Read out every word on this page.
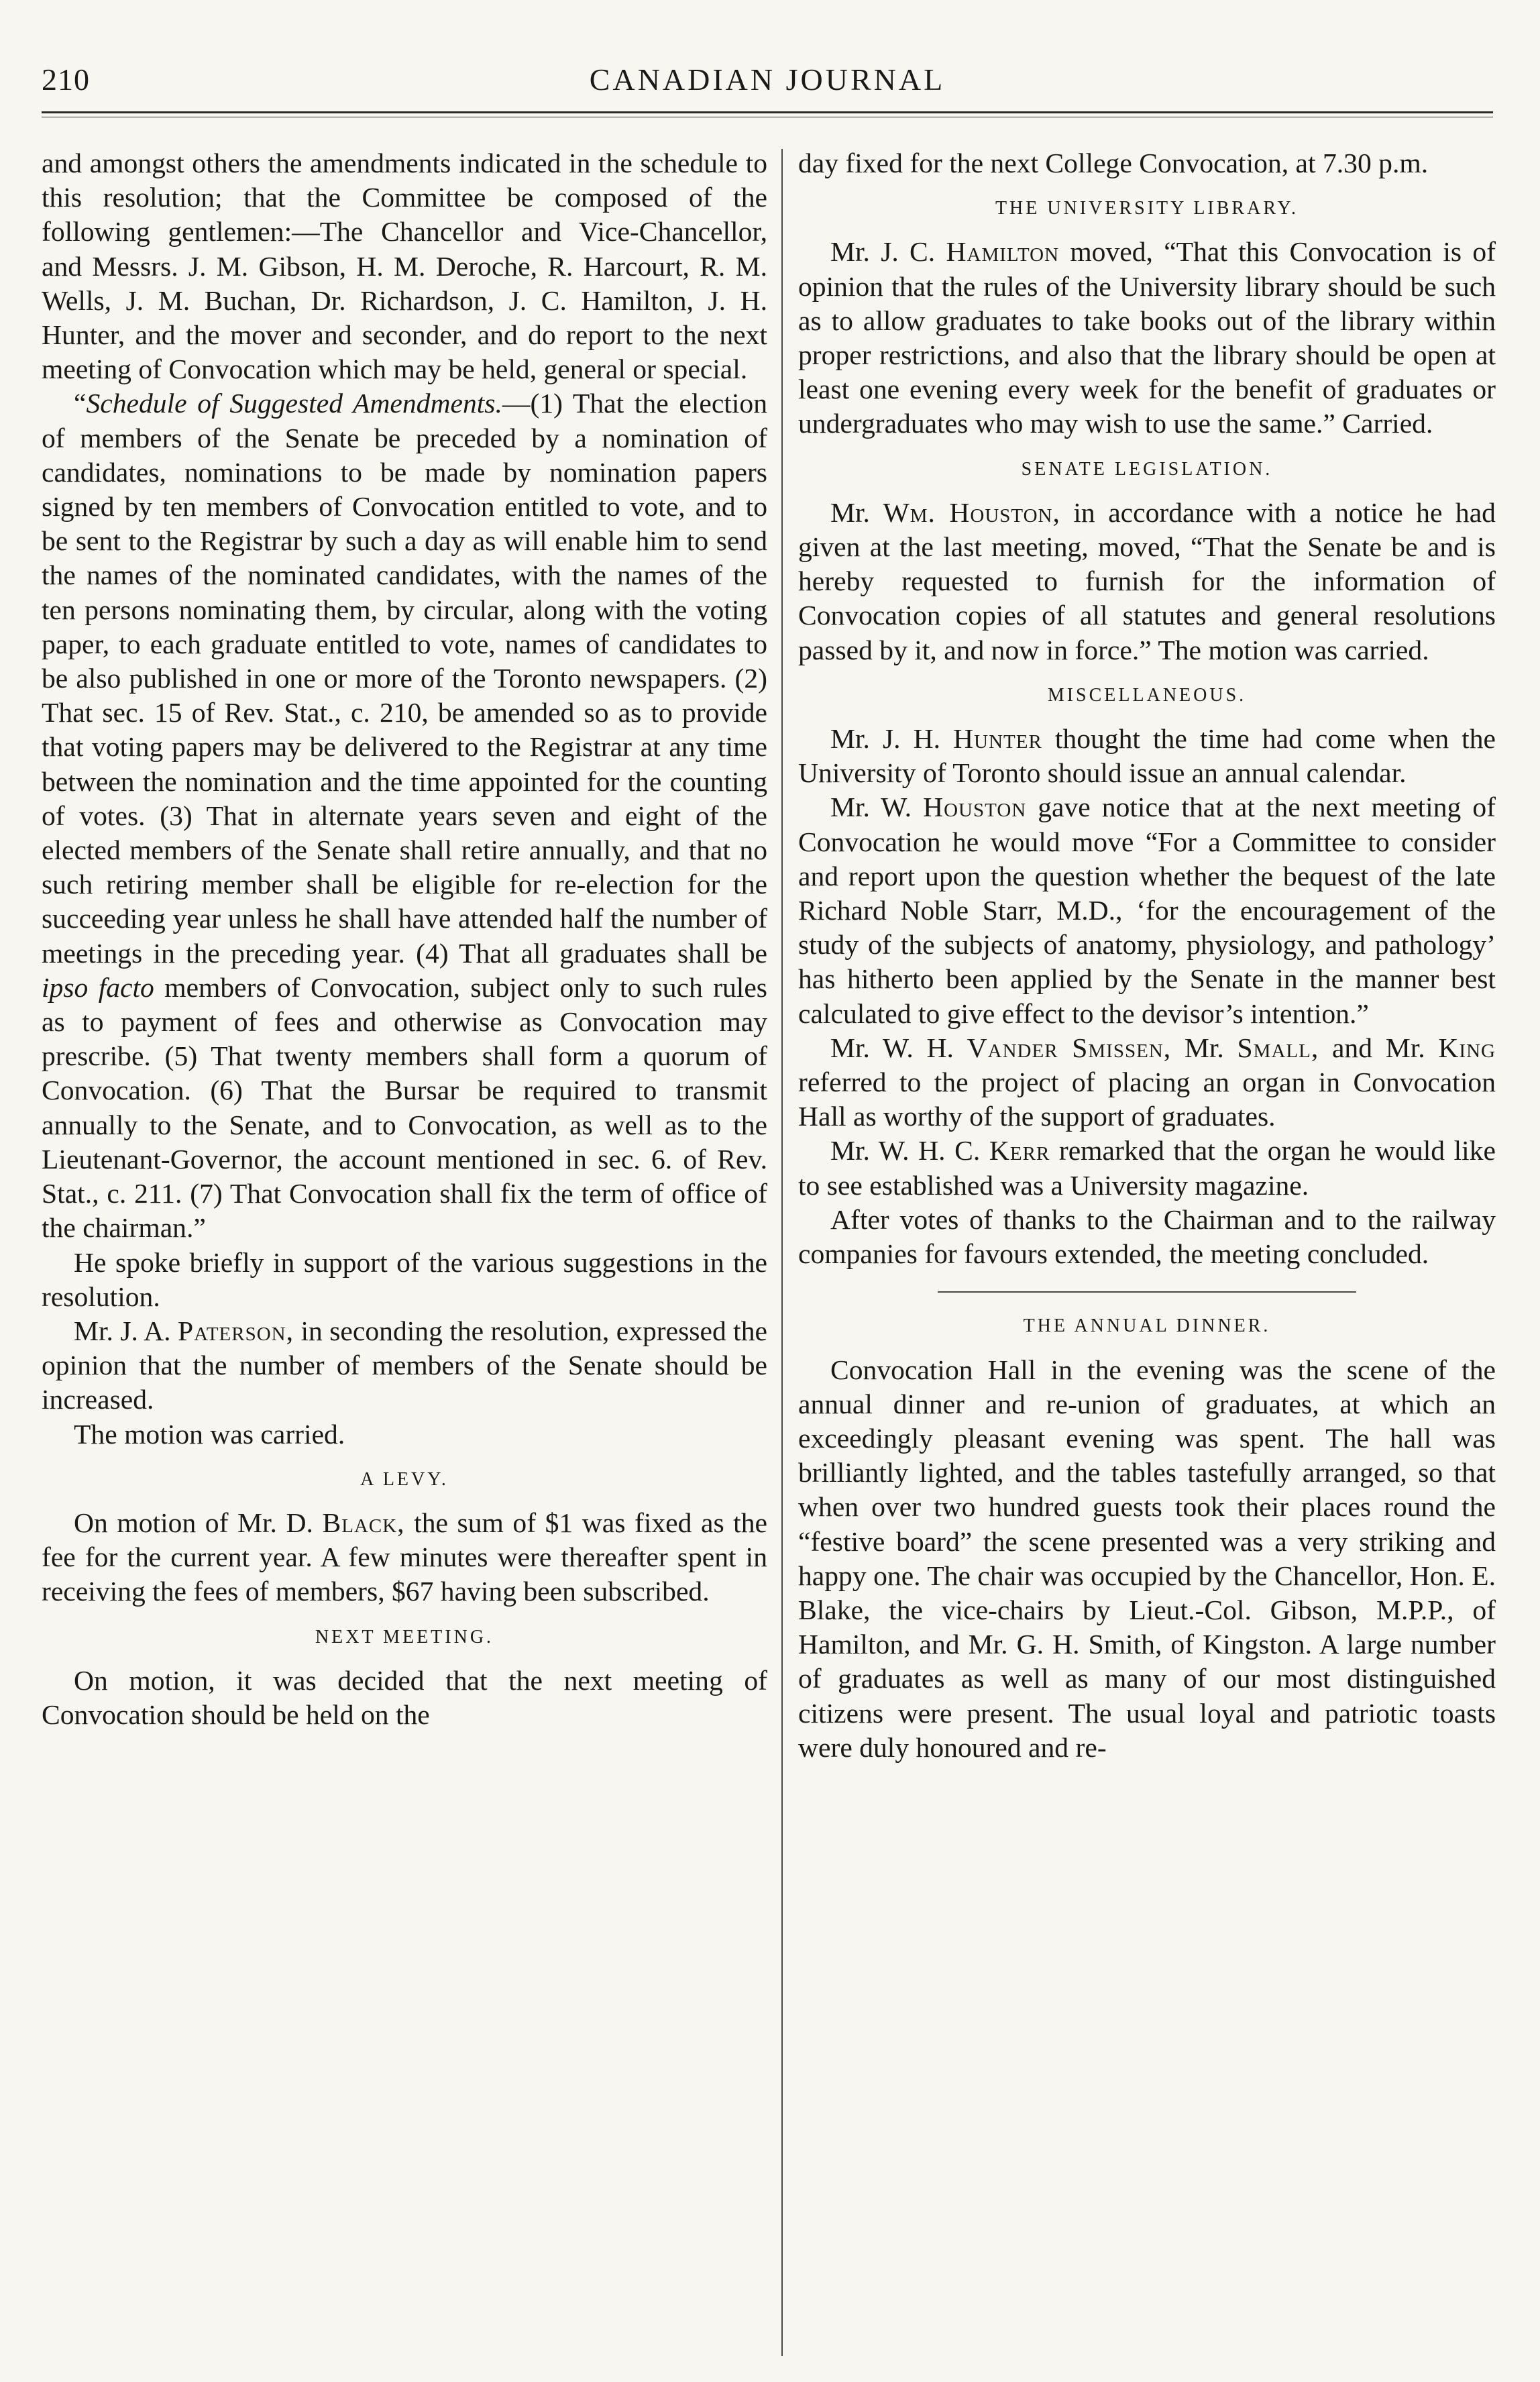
210	CANADIAN JOURNAL

and amongst others the amendments indicated in the schedule to this resolution; that the Committee be composed of the following gentlemen:—The Chancellor and Vice-Chancellor, and Messrs. J. M. Gibson, H. M. Deroche, R. Harcourt, R. M. Wells, J. M. Buchan, Dr. Richardson, J. C. Hamilton, J. H. Hunter, and the mover and seconder, and do report to the next meeting of Convocation which may be held, general or special.

“Schedule of Suggested Amendments.—(1) That the election of members of the Senate be preceded by a nomination of candidates, nominations to be made by nomination papers signed by ten members of Convocation entitled to vote, and to be sent to the Registrar by such a day as will enable him to send the names of the nominated candidates, with the names of the ten persons nominating them, by circular, along with the voting paper, to each graduate entitled to vote, names of candidates to be also published in one or more of the Toronto newspapers. (2) That sec. 15 of Rev. Stat., c. 210, be amended so as to provide that voting papers may be delivered to the Registrar at any time between the nomination and the time appointed for the counting of votes. (3) That in alternate years seven and eight of the elected members of the Senate shall retire annually, and that no such retiring member shall be eligible for re-election for the succeeding year unless he shall have attended half the number of meetings in the preceding year. (4) That all graduates shall be ipso facto members of Convocation, subject only to such rules as to payment of fees and otherwise as Convocation may prescribe. (5) That twenty members shall form a quorum of Convocation. (6) That the Bursar be required to transmit annually to the Senate, and to Convocation, as well as to the Lieutenant-Governor, the account mentioned in sec. 6. of Rev. Stat., c. 211. (7) That Convocation shall fix the term of office of the chairman.”

He spoke briefly in support of the various suggestions in the resolution.

Mr. J. A. Paterson, in seconding the resolution, expressed the opinion that the number of members of the Senate should be increased.

The motion was carried.

A LEVY.

On motion of Mr. D. Black, the sum of $1 was fixed as the fee for the current year. A few minutes were thereafter spent in receiving the fees of members, $67 having been subscribed.

NEXT MEETING.

On motion, it was decided that the next meeting of Convocation should be held on the

day fixed for the next College Convocation, at 7.30 p.m.

THE UNIVERSITY LIBRARY.

Mr. J. C. Hamilton moved, “That this Convocation is of opinion that the rules of the University library should be such as to allow graduates to take books out of the library within proper restrictions, and also that the library should be open at least one evening every week for the benefit of graduates or undergraduates who may wish to use the same.” Carried.

SENATE LEGISLATION.

Mr. Wm. Houston, in accordance with a notice he had given at the last meeting, moved, “That the Senate be and is hereby requested to furnish for the information of Convocation copies of all statutes and general resolutions passed by it, and now in force.” The motion was carried.

MISCELLANEOUS.

Mr. J. H. Hunter thought the time had come when the University of Toronto should issue an annual calendar.

Mr. W. Houston gave notice that at the next meeting of Convocation he would move “For a Committee to consider and report upon the question whether the bequest of the late Richard Noble Starr, M.D., ‘for the encouragement of the study of the subjects of anatomy, physiology, and pathology’ has hitherto been applied by the Senate in the manner best calculated to give effect to the devisor’s intention.”

Mr. W. H. Vander Smissen, Mr. Small, and Mr. King referred to the project of placing an organ in Convocation Hall as worthy of the support of graduates.

Mr. W. H. C. Kerr remarked that the organ he would like to see established was a University magazine.

After votes of thanks to the Chairman and to the railway companies for favours extended, the meeting concluded.

THE ANNUAL DINNER.

Convocation Hall in the evening was the scene of the annual dinner and re-union of graduates, at which an exceedingly pleasant evening was spent. The hall was brilliantly lighted, and the tables tastefully arranged, so that when over two hundred guests took their places round the “festive board” the scene presented was a very striking and happy one. The chair was occupied by the Chancellor, Hon. E. Blake, the vice-chairs by Lieut.-Col. Gibson, M.P.P., of Hamilton, and Mr. G. H. Smith, of Kingston. A large number of graduates as well as many of our most distinguished citizens were present. The usual loyal and patriotic toasts were duly honoured and re-
